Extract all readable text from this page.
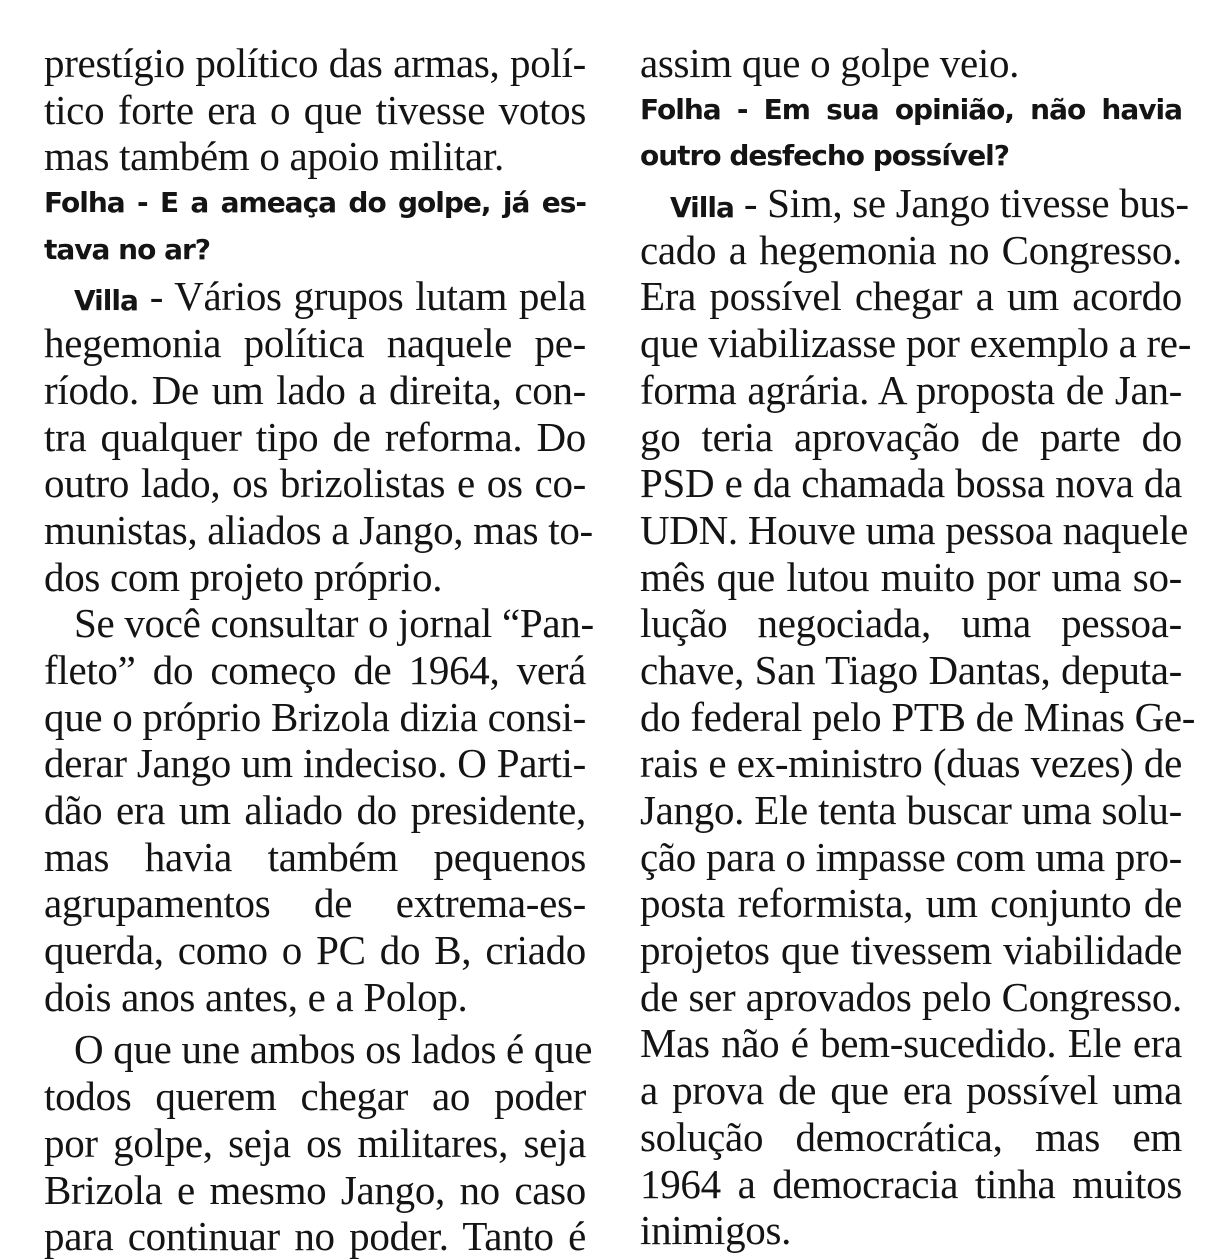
prestígio político das armas, polí-
tico forte era o que tivesse votos
mas também o apoio militar.
Folha - E a ameaça do golpe, já es-
tava no ar?
Villa - Vários grupos lutam pela
hegemonia política naquele pe-
ríodo. De um lado a direita, con-
tra qualquer tipo de reforma. Do
outro lado, os brizolistas e os co-
munistas, aliados a Jango, mas to-
dos com projeto próprio.
Se você consultar o jornal “Pan-
fleto” do começo de 1964, verá
que o próprio Brizola dizia consi-
derar Jango um indeciso. O Parti-
dão era um aliado do presidente,
mas havia também pequenos
agrupamentos de extrema-es-
querda, como o PC do B, criado
dois anos antes, e a Polop.
O que une ambos os lados é que
todos querem chegar ao poder
por golpe, seja os militares, seja
Brizola e mesmo Jango, no caso
para continuar no poder. Tanto é
assim que o golpe veio.
Folha - Em sua opinião, não havia
outro desfecho possível?
Villa - Sim, se Jango tivesse bus-
cado a hegemonia no Congresso.
Era possível chegar a um acordo
que viabilizasse por exemplo a re-
forma agrária. A proposta de Jan-
go teria aprovação de parte do
PSD e da chamada bossa nova da
UDN. Houve uma pessoa naquele
mês que lutou muito por uma so-
lução negociada, uma pessoa-
chave, San Tiago Dantas, deputa-
do federal pelo PTB de Minas Ge-
rais e ex-ministro (duas vezes) de
Jango. Ele tenta buscar uma solu-
ção para o impasse com uma pro-
posta reformista, um conjunto de
projetos que tivessem viabilidade
de ser aprovados pelo Congresso.
Mas não é bem-sucedido. Ele era
a prova de que era possível uma
solução democrática, mas em
1964 a democracia tinha muitos
inimigos.
